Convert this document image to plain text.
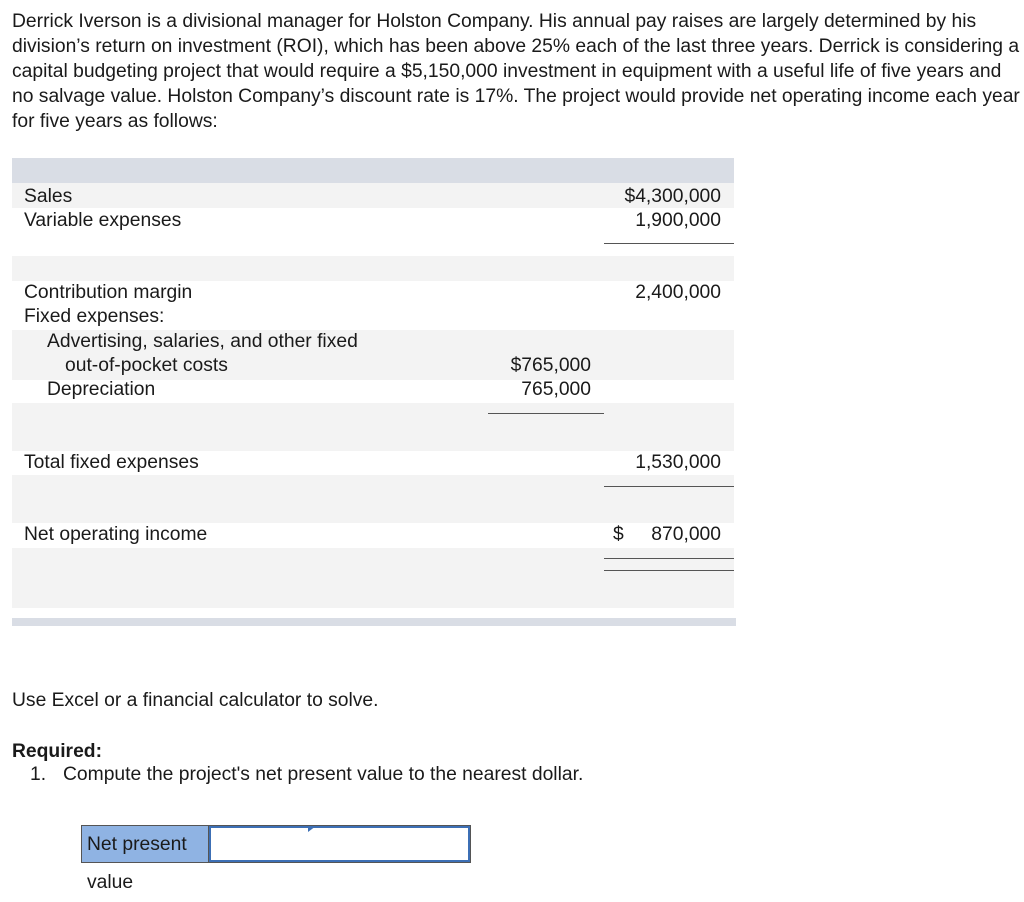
Derrick Iverson is a divisional manager for Holston Company. His annual pay raises are largely determined by his division’s return on investment (ROI), which has been above 25% each of the last three years. Derrick is considering a capital budgeting project that would require a $5,150,000 investment in equipment with a useful life of five years and no salvage value. Holston Company’s discount rate is 17%. The project would provide net operating income each year for five years as follows:

Sales	$4,300,000
Variable expenses	1,900,000
Contribution margin	2,400,000
Fixed expenses:
Advertising, salaries, and other fixed
out-of-pocket costs	$765,000
Depreciation	765,000
Total fixed expenses	1,530,000
Net operating income	$ 870,000
Use Excel or a financial calculator to solve.
Required:
1. Compute the project's net present value to the nearest dollar.
Net present value
